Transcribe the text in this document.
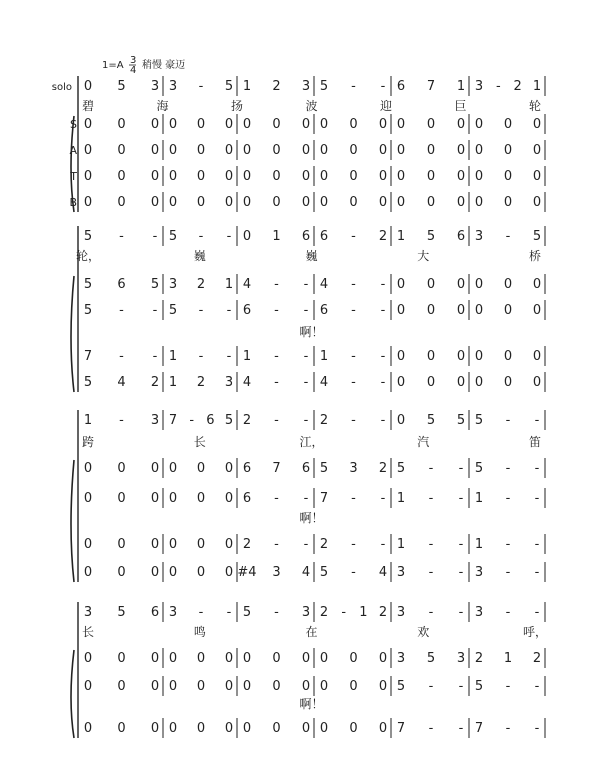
1=A 3
4 稍慢 豪迈
solo 0 5 3 3 - 5 1 2 3 5 - - 6 7 1 3 - 2 1
碧	海	扬	波	迎	巨	轮
S 0 0 0 0 0 0 0 0 0 0 0 0 0 0 0 0 0 0
A 0 0 0 0 0 0 0 0 0 0 0 0 0 0 0 0 0 0
T 0 0 0 0 0 0 0 0 0 0 0 0 0 0 0 0 0 0
B 0 0 0 0 0 0 0 0 0 0 0 0 0 0 0 0 0 0
5 - - 5 - - 0 1 6 6 - 2 1 5 6 3 - 5
轮，	巍	巍	大	桥
5 6 5 3 2 1 4 - - 4 - - 0 0 0 0 0 0
5 - - 5 - - 6 - - 6 - - 0 0 0 0 0 0
啊！
7 - - 1 - - 1 - - 1 - - 0 0 0 0 0 0
5 4 2 1 2 3 4 - - 4 - - 0 0 0 0 0 0
1 - 3 7 - 6 5 2 - - 2 - - 0 5 5 5 - -
跨	长	江，	汽	笛
0 0 0 0 0 0 6 7 6 5 3 2 5 - - 5 - -
0 0 0 0 0 0 6 - - 7 - - 1 - - 1 - -
啊！
0 0 0 0 0 0 2 - - 2 - - 1 - - 1 - -
0 0 0 0 0 0 #4 3 4 5 - 4 3 - - 3 - -
3 5 6 3 - - 5 - 3 2 - 1 2 3 - - 3 - -
长	鸣	在	欢	呼，
0 0 0 0 0 0 0 0 0 0 0 0 3 5 3 2 1 2
0 0 0 0 0 0 0 0 0 0 0 0 5 - - 5 - -
啊！
0 0 0 0 0 0 0 0 0 0 0 0 7 - - 7 - -
